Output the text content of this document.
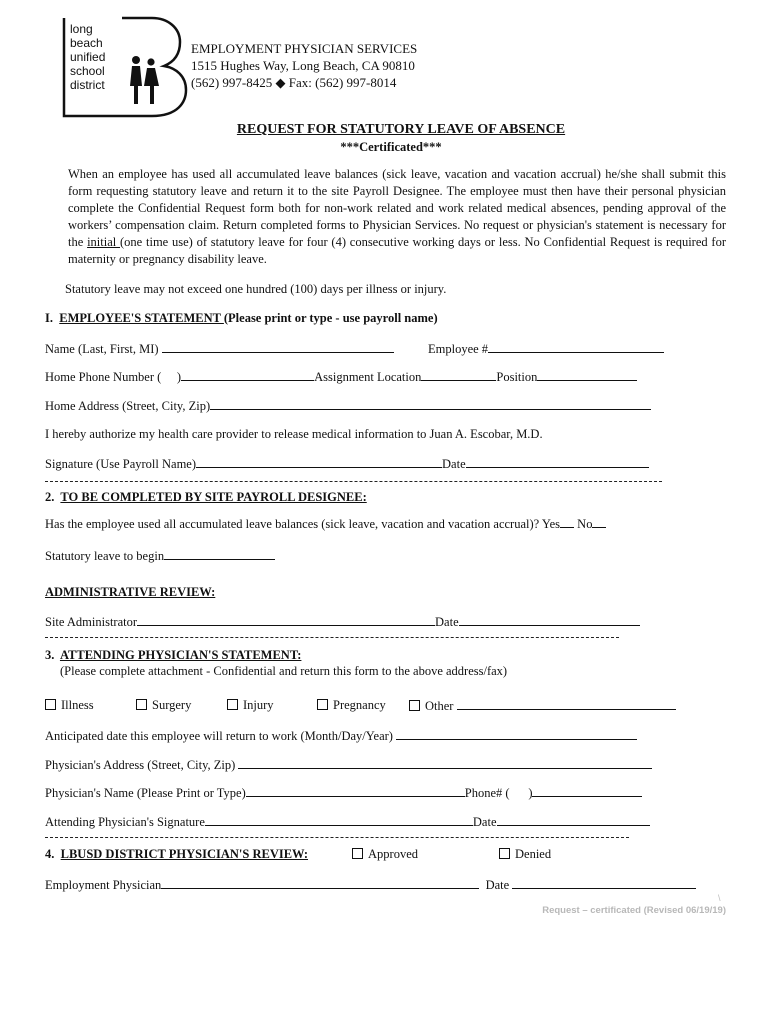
long
beach
unified
school
district
EMPLOYMENT PHYSICIAN SERVICES
1515 Hughes Way, Long Beach, CA 90810
(562) 997-8425 ◆ Fax: (562) 997-8014
REQUEST FOR STATUTORY LEAVE OF ABSENCE
***Certificated***
When an employee has used all accumulated leave balances (sick leave, vacation and vacation accrual) he/she shall submit this form requesting statutory leave and return it to the site Payroll Designee. The employee must then have their personal physician complete the Confidential Request form both for non-work related and work related medical absences, pending approval of the workers’ compensation claim. Return completed forms to Physician Services. No request or physician's statement is necessary for the initial (one time use) of statutory leave for four (4) consecutive working days or less. No Confidential Request is required for maternity or pregnancy disability leave.
Statutory leave may not exceed one hundred (100) days per illness or injury.
I. EMPLOYEE'S STATEMENT (Please print or type - use payroll name)
Name (Last, First, MI)	Employee #
Home Phone Number ( )	Assignment Location	Position
Home Address (Street, City, Zip)
I hereby authorize my health care provider to release medical information to Juan A. Escobar, M.D.
Signature (Use Payroll Name)	Date
2. TO BE COMPLETED BY SITE PAYROLL DESIGNEE:
Has the employee used all accumulated leave balances (sick leave, vacation and vacation accrual)? Yes No
Statutory leave to begin
ADMINISTRATIVE REVIEW:
Site Administrator	Date
3. ATTENDING PHYSICIAN'S STATEMENT:
(Please complete attachment - Confidential and return this form to the above address/fax)
Illness	Surgery	Injury	Pregnancy	Other
Anticipated date this employee will return to work (Month/Day/Year)
Physician's Address (Street, City, Zip)
Physician's Name (Please Print or Type)	Phone# ( )
Attending Physician's Signature	Date
4. LBUSD DISTRICT PHYSICIAN'S REVIEW:	Approved	Denied
Employment Physician	Date
\
Request – certificated (Revised 06/19/19)
